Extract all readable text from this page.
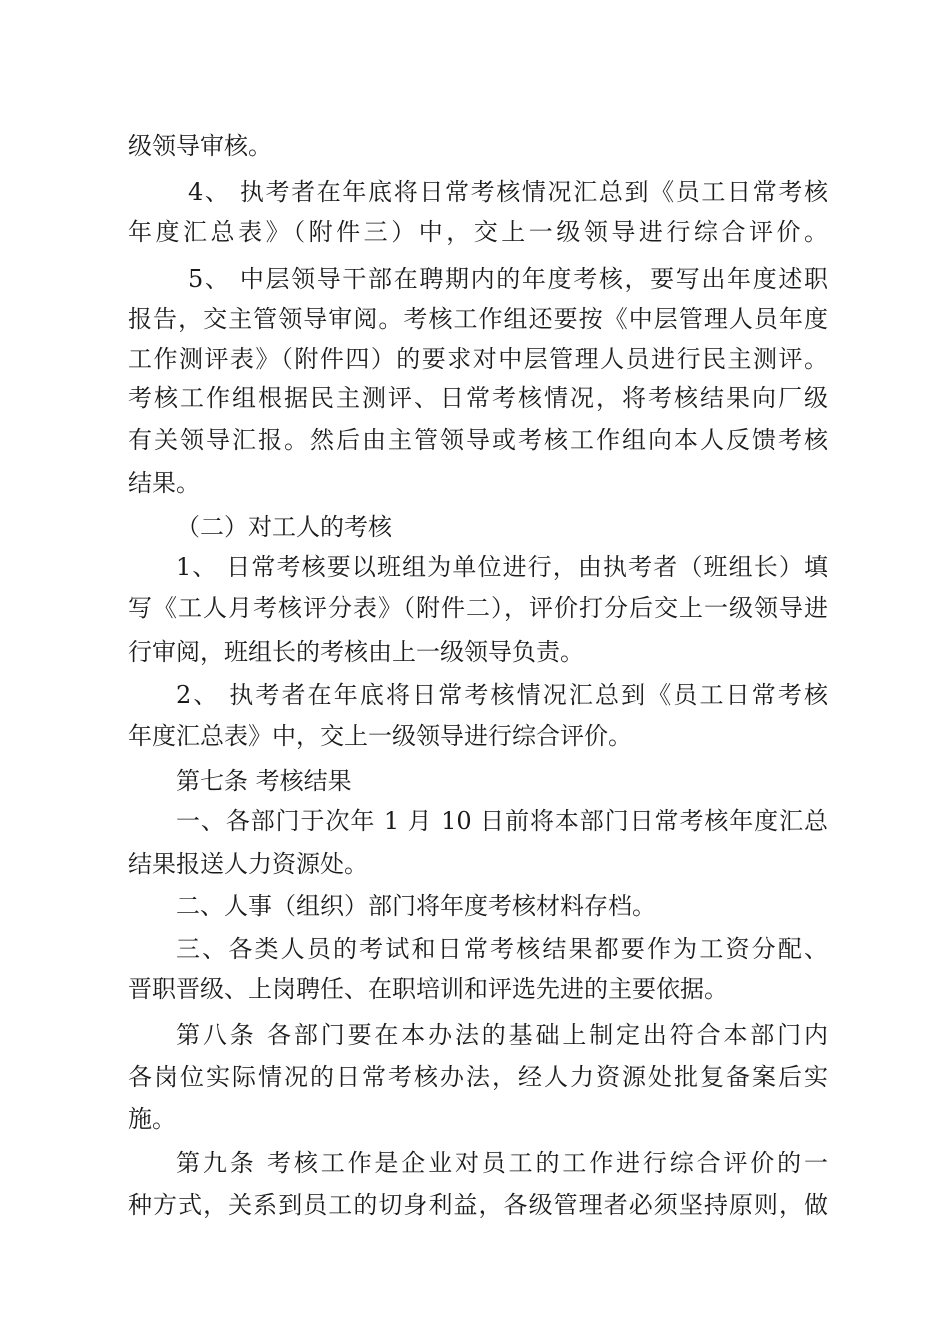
级领导审核。
4、 执考者在年底将日常考核情况汇总到《员工日常考核
年度汇总表》（附件三）中，交上一级领导进行综合评价。
5、 中层领导干部在聘期内的年度考核，要写出年度述职
报告，交主管领导审阅。考核工作组还要按《中层管理人员年度
工作测评表》（附件四）的要求对中层管理人员进行民主测评。
考核工作组根据民主测评、日常考核情况，将考核结果向厂级
有关领导汇报。然后由主管领导或考核工作组向本人反馈考核
结果。
（二）对工人的考核
1、 日常考核要以班组为单位进行，由执考者（班组长）填
写《工人月考核评分表》（附件二），评价打分后交上一级领导进
行审阅，班组长的考核由上一级领导负责。
2、 执考者在年底将日常考核情况汇总到《员工日常考核
年度汇总表》中，交上一级领导进行综合评价。
第七条 考核结果
一、各部门于次年 1 月 10 日前将本部门日常考核年度汇总
结果报送人力资源处。
二、人事（组织）部门将年度考核材料存档。
三、各类人员的考试和日常考核结果都要作为工资分配、
晋职晋级、上岗聘任、在职培训和评选先进的主要依据。
第八条 各部门要在本办法的基础上制定出符合本部门内
各岗位实际情况的日常考核办法，经人力资源处批复备案后实
施。
第九条 考核工作是企业对员工的工作进行综合评价的一
种方式，关系到员工的切身利益，各级管理者必须坚持原则，做
